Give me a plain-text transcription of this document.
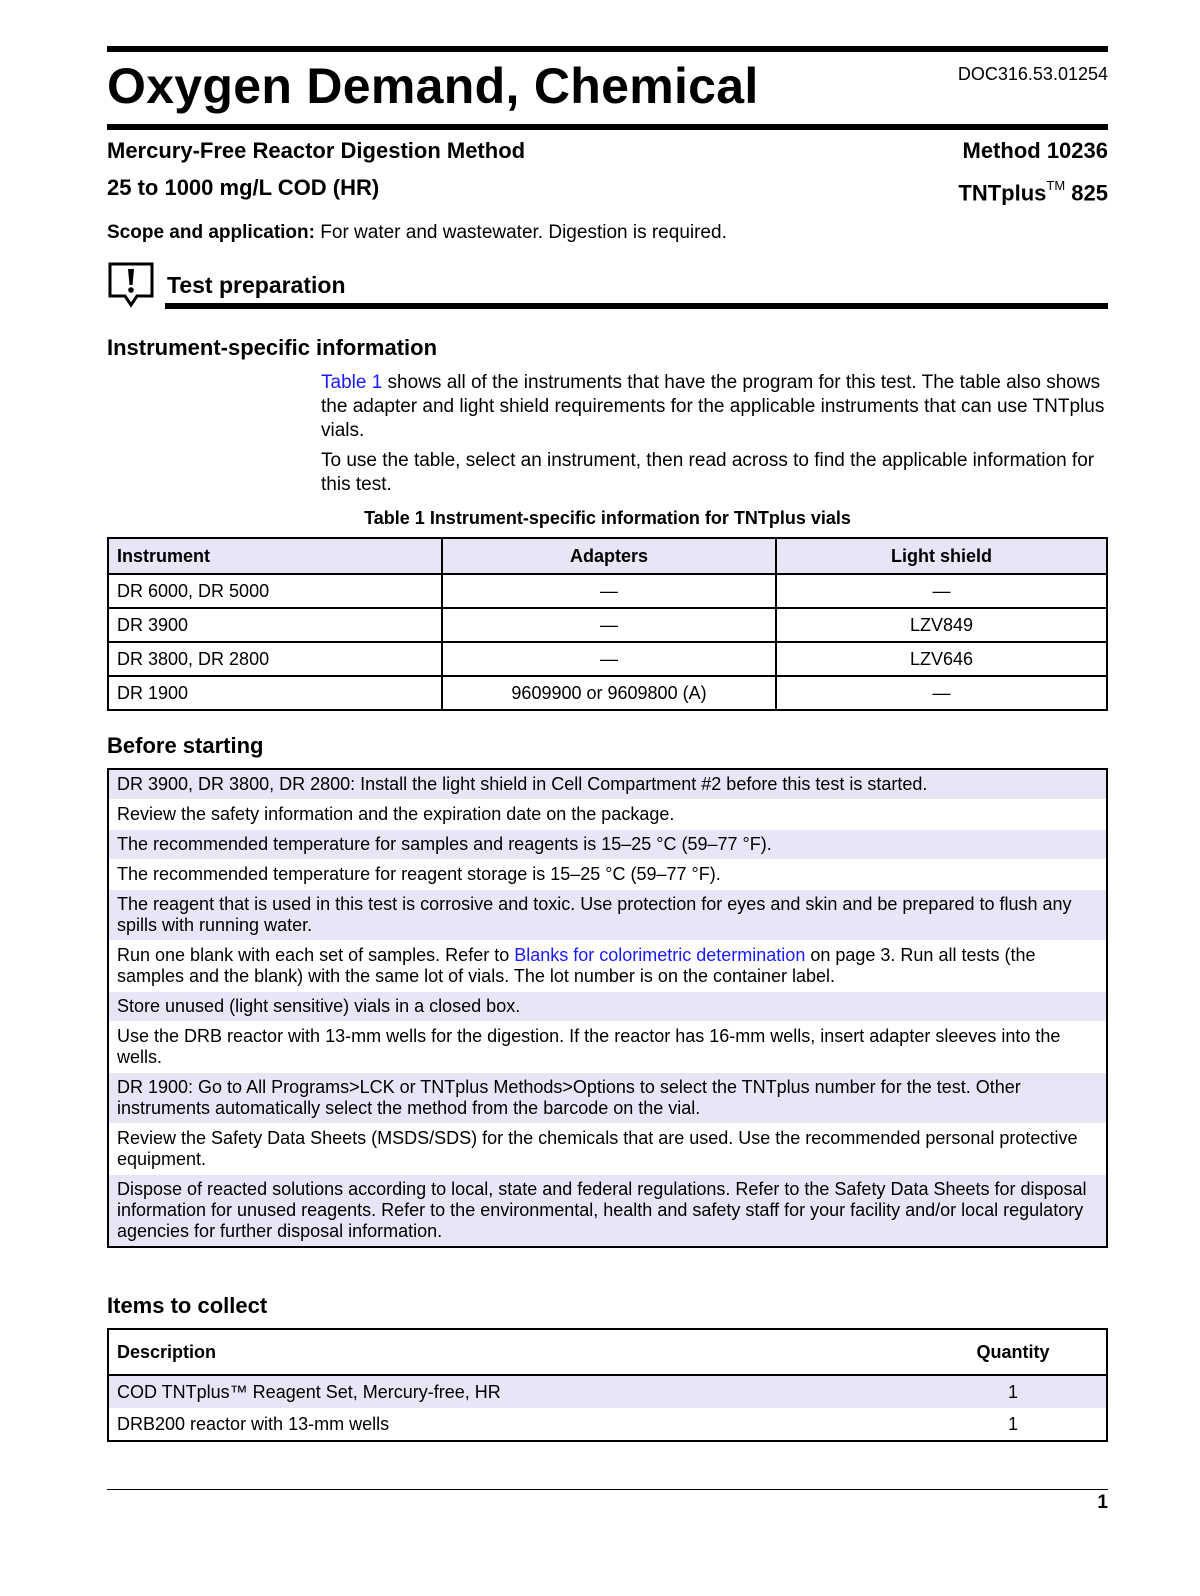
Oxygen Demand, Chemical	DOC316.53.01254
Mercury-Free Reactor Digestion Method	Method 10236
25 to 1000 mg/L COD (HR)	TNTplus™ 825
Scope and application: For water and wastewater. Digestion is required.
Test preparation
Instrument-specific information

Table 1 shows all of the instruments that have the program for this test. The table also shows the adapter and light shield requirements for the applicable instruments that can use TNTplus vials.

To use the table, select an instrument, then read across to find the applicable information for this test.

Table 1 Instrument-specific information for TNTplus vials
Instrument	Adapters	Light shield
DR 6000, DR 5000	—	—
DR 3900	—	LZV849
DR 3800, DR 2800	—	LZV646
DR 1900	9609900 or 9609800 (A)	—
Before starting
DR 3900, DR 3800, DR 2800: Install the light shield in Cell Compartment #2 before this test is started.
Review the safety information and the expiration date on the package.
The recommended temperature for samples and reagents is 15–25 °C (59–77 °F).
The recommended temperature for reagent storage is 15–25 °C (59–77 °F).
The reagent that is used in this test is corrosive and toxic. Use protection for eyes and skin and be prepared to flush any spills with running water.
Run one blank with each set of samples. Refer to Blanks for colorimetric determination on page 3. Run all tests (the samples and the blank) with the same lot of vials. The lot number is on the container label.
Store unused (light sensitive) vials in a closed box.
Use the DRB reactor with 13-mm wells for the digestion. If the reactor has 16-mm wells, insert adapter sleeves into the wells.
DR 1900: Go to All Programs>LCK or TNTplus Methods>Options to select the TNTplus number for the test. Other instruments automatically select the method from the barcode on the vial.
Review the Safety Data Sheets (MSDS/SDS) for the chemicals that are used. Use the recommended personal protective equipment.
Dispose of reacted solutions according to local, state and federal regulations. Refer to the Safety Data Sheets for disposal information for unused reagents. Refer to the environmental, health and safety staff for your facility and/or local regulatory agencies for further disposal information.
Items to collect
Description	Quantity
COD TNTplus™ Reagent Set, Mercury-free, HR	1
DRB200 reactor with 13-mm wells	1
1
